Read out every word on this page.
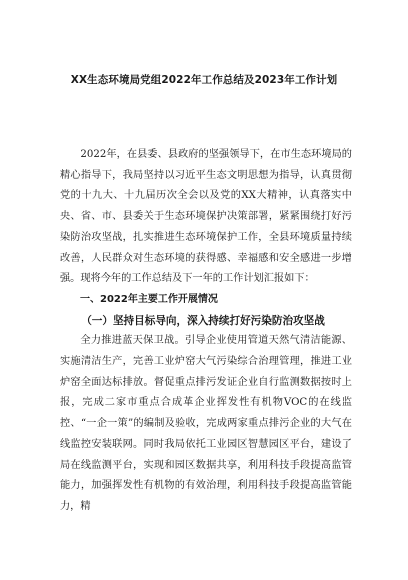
XX生态环境局党组2022年工作总结及2023年工作计划

2022年，在县委、县政府的坚强领导下，在市生态环境局的精心指导下，我局坚持以习近平生态文明思想为指导，认真贯彻党的十九大、十九届历次全会以及党的XX大精神，认真落实中央、省、市、县委关于生态环境保护决策部署，紧紧围绕打好污染防治攻坚战，扎实推进生态环境保护工作，全县环境质量持续改善，人民群众对生态环境的获得感、幸福感和安全感进一步增强。现将今年的工作总结及下一年的工作计划汇报如下：

一、2022年主要工作开展情况

（一）坚持目标导向，深入持续打好污染防治攻坚战

全力推进蓝天保卫战。引导企业使用管道天然气清洁能源、实施清洁生产，完善工业炉窑大气污染综合治理管理，推进工业炉窑全面达标排放。督促重点排污发证企业自行监测数据按时上报，完成二家市重点合成革企业挥发性有机物VOC的在线监控、“一企一策”的编制及验收，完成两家重点排污企业的大气在线监控安装联网。同时我局依托工业园区智慧园区平台，建设了局在线监测平台，实现和园区数据共享，利用科技手段提高监管能力，加强挥发性有机物的有效治理，利用科技手段提高监管能力，精
